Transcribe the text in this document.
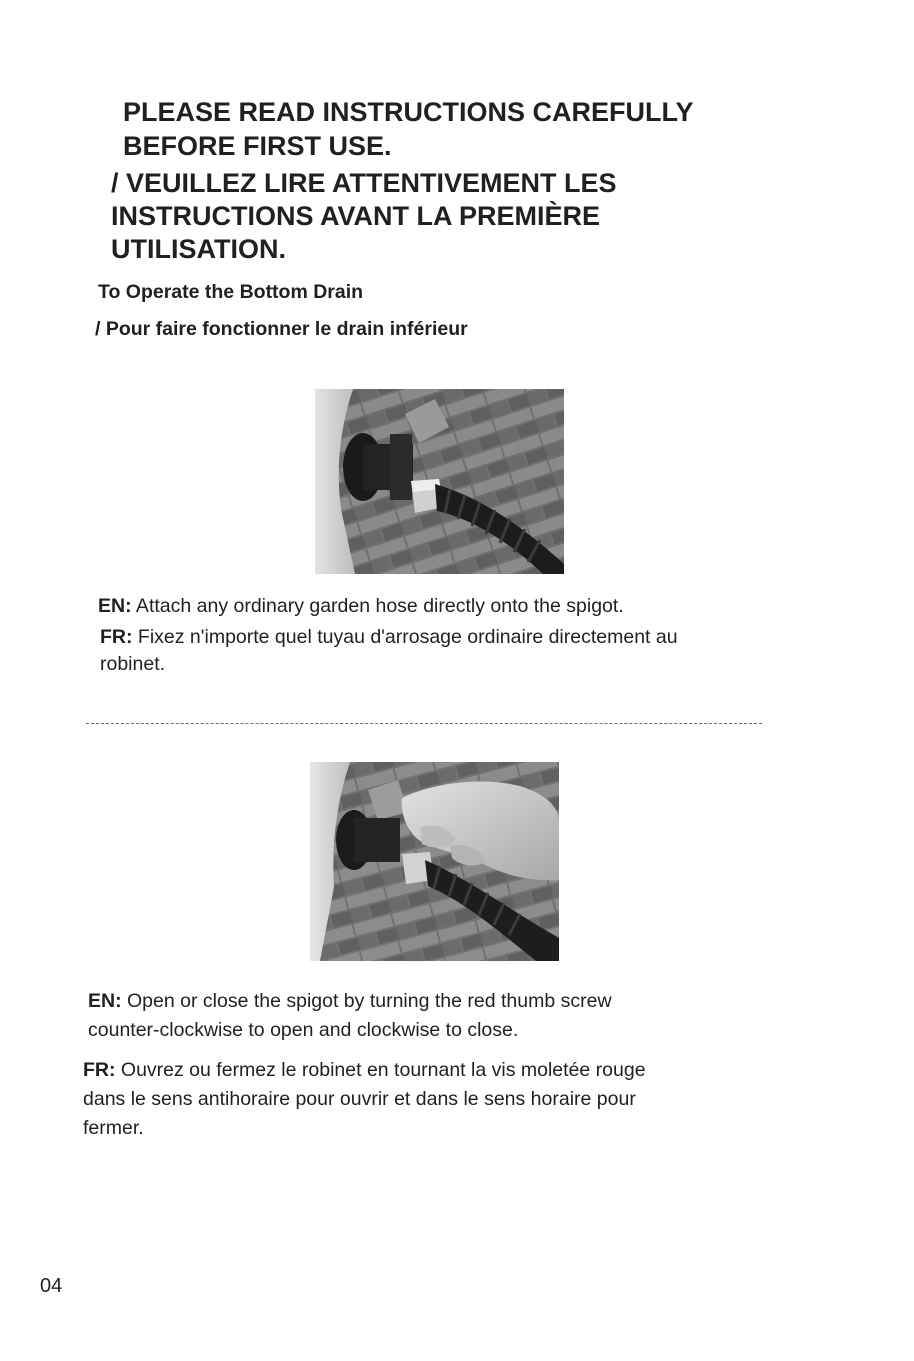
PLEASE READ INSTRUCTIONS CAREFULLY

BEFORE FIRST USE.

/ VEUILLEZ LIRE ATTENTIVEMENT LES

INSTRUCTIONS AVANT LA PREMIÈRE

UTILISATION.

To Operate the Bottom Drain

/ Pour faire fonctionner le drain inférieur

EN: Attach any ordinary garden hose directly onto the spigot.

FR: Fixez n'importe quel tuyau d'arrosage ordinaire directement au

robinet.

EN: Open or close the spigot by turning the red thumb screw

counter-clockwise to open and clockwise to close.

FR: Ouvrez ou fermez le robinet en tournant la vis moletée rouge

dans le sens antihoraire pour ouvrir et dans le sens horaire pour

fermer.

04
